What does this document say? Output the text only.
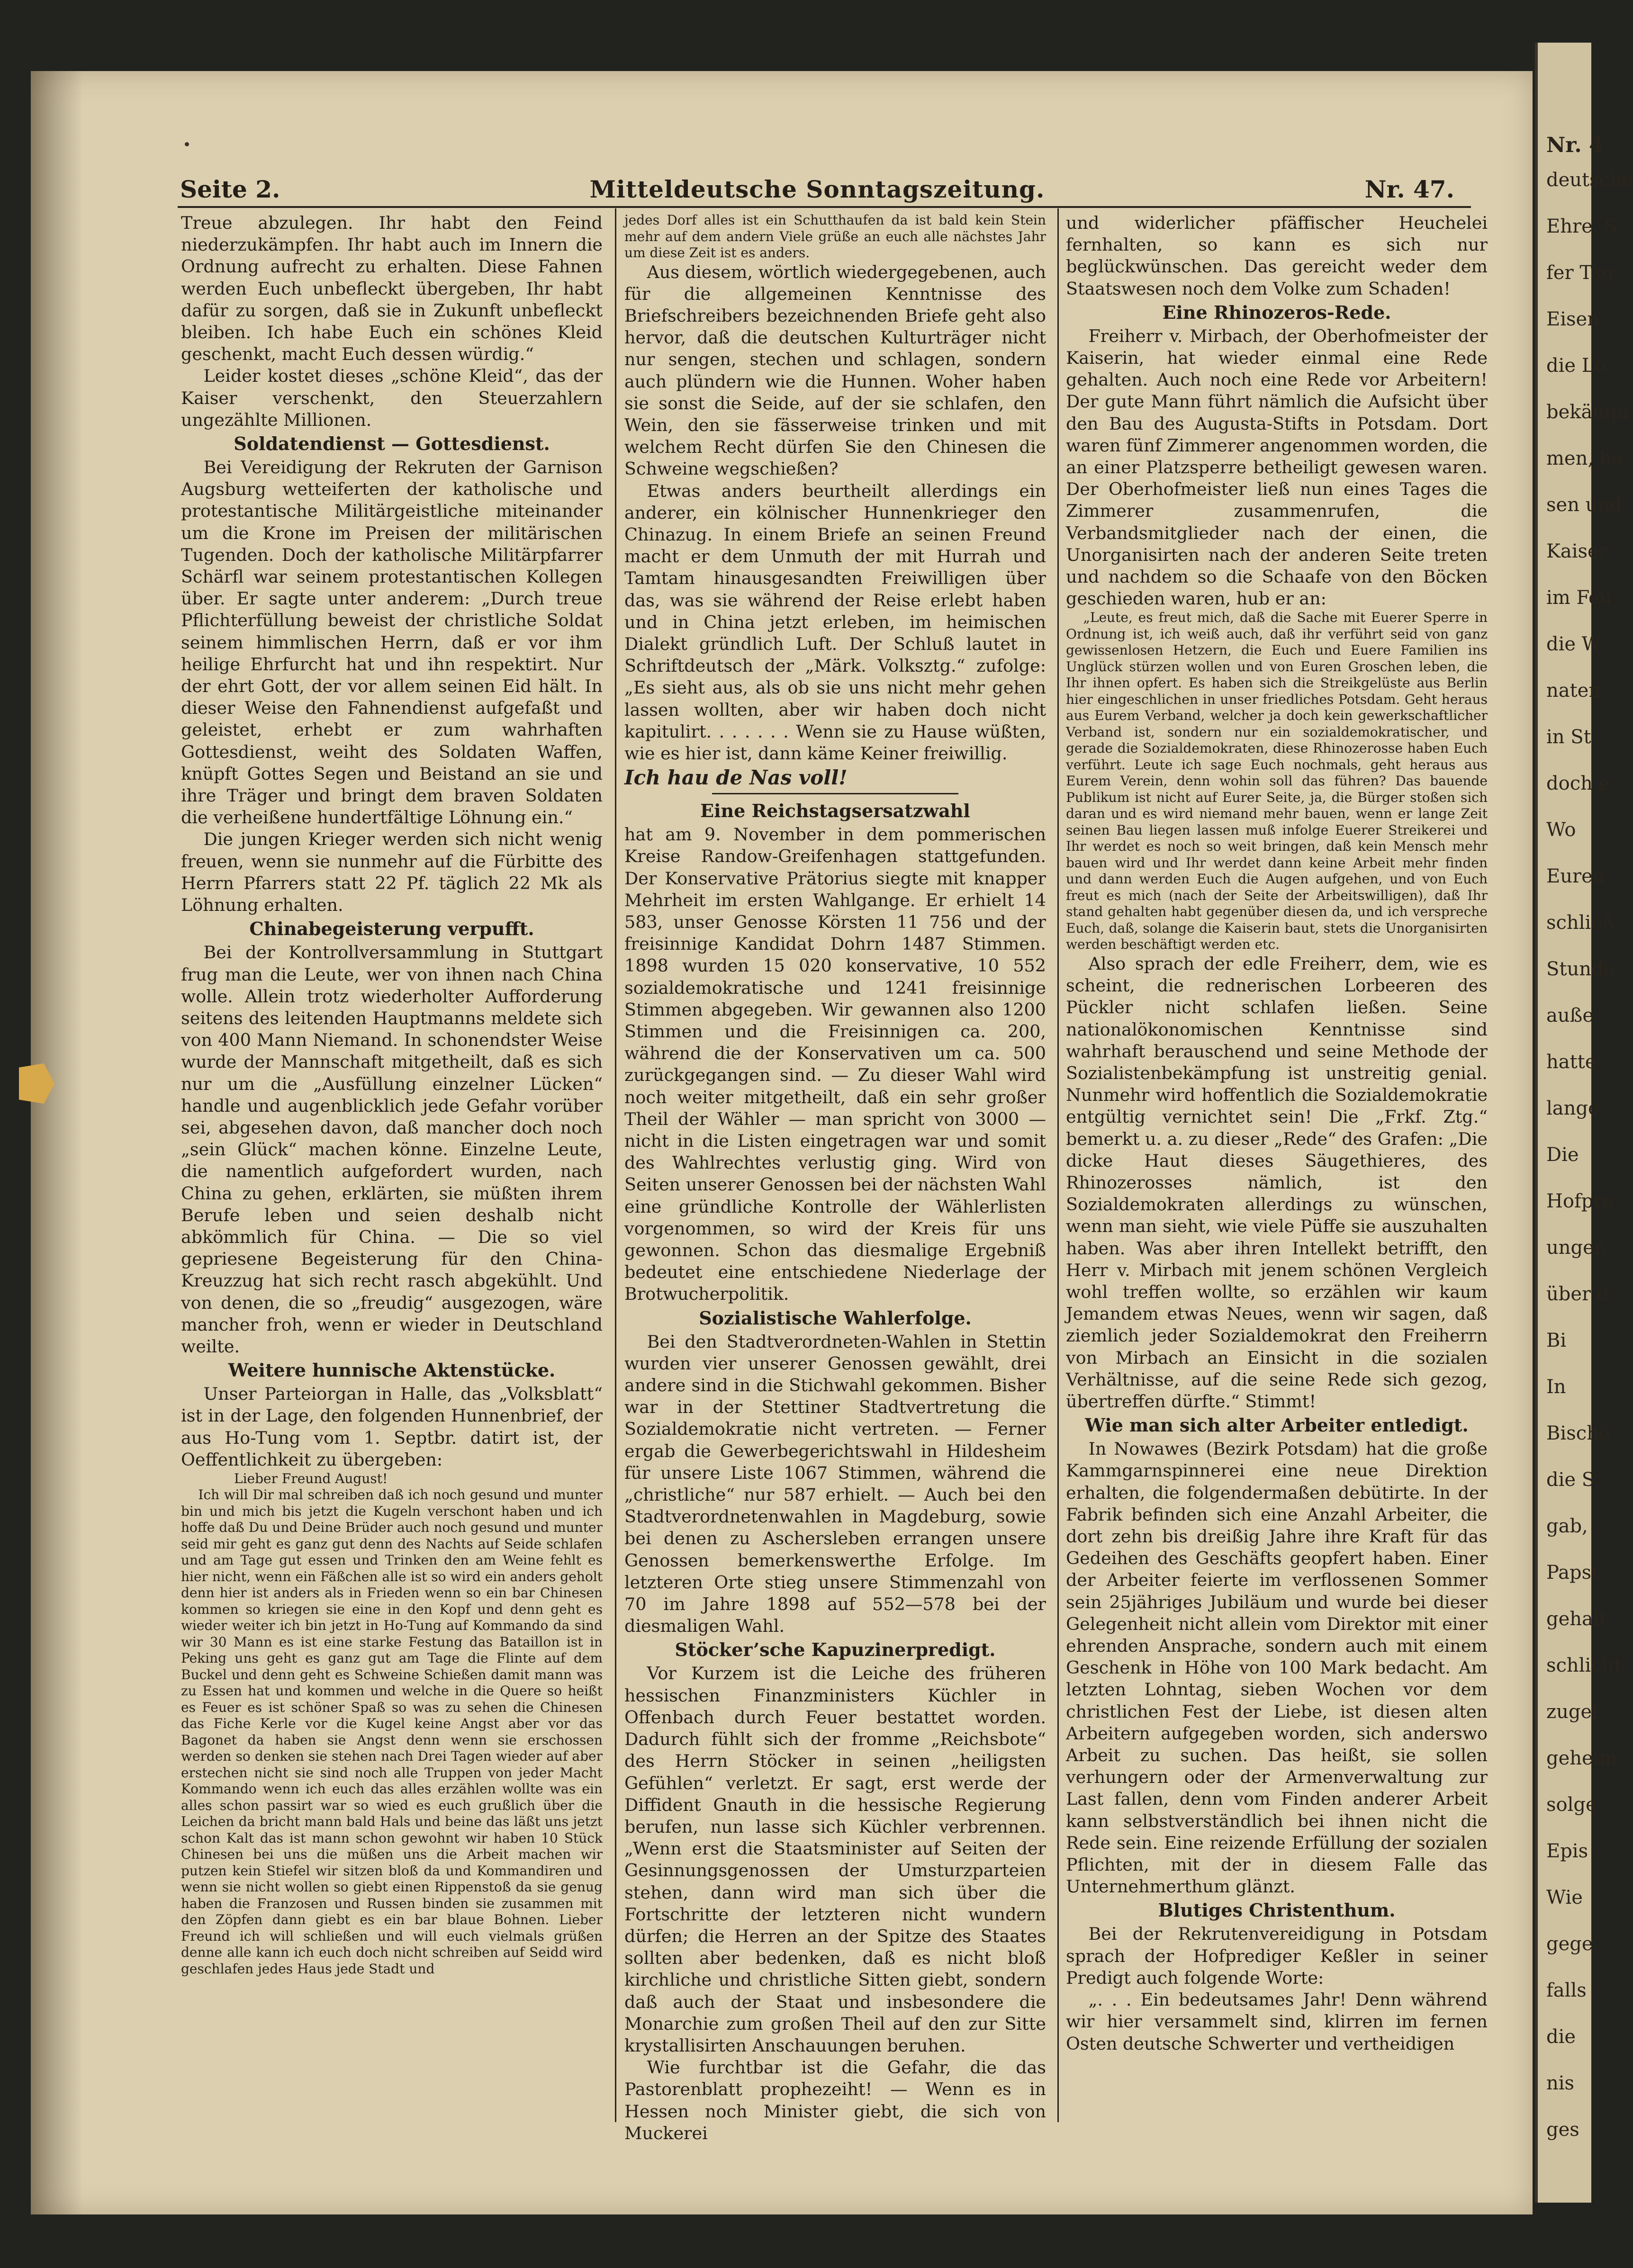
Nr. 4
deutsche
Ehre. S
fer Tag
Eisen
die Lo
bekämpf
men, ha
sen und
Kaiser
im Feu
die W
naten
in St
doch e
Wo
Euren
schließ
Stunde
auße
hatte
lange
Die
Hofpre
ungen
über d
Bi
In
Bischö
die S
gab,
Papst
gehalt
schlicht
zugel
geheim
solge
Epis
Wie
gege
falls
die
nis
ges
Seite 2.	Mitteldeutsche Sonntagszeitung.	Nr. 47.

Treue abzulegen. Ihr habt den Feind niederzukämpfen. Ihr habt auch im Innern die Ordnung aufrecht zu erhalten. Diese Fahnen werden Euch unbefleckt übergeben, Ihr habt dafür zu sorgen, daß sie in Zukunft unbefleckt bleiben. Ich habe Euch ein schönes Kleid geschenkt, macht Euch dessen würdig.“

Leider kostet dieses „schöne Kleid“, das der Kaiser verschenkt, den Steuerzahlern ungezählte Millionen.

Soldatendienst — Gottesdienst.

Bei Vereidigung der Rekruten der Garnison Augsburg wetteiferten der katholische und protestantische Militärgeistliche miteinander um die Krone im Preisen der militärischen Tugenden. Doch der katholische Militärpfarrer Schärfl war seinem protestantischen Kollegen über. Er sagte unter anderem: „Durch treue Pflichterfüllung beweist der christliche Soldat seinem himmlischen Herrn, daß er vor ihm heilige Ehrfurcht hat und ihn respektirt. Nur der ehrt Gott, der vor allem seinen Eid hält. In dieser Weise den Fahnendienst aufgefaßt und geleistet, erhebt er zum wahrhaften Gottesdienst, weiht des Soldaten Waffen, knüpft Gottes Segen und Beistand an sie und ihre Träger und bringt dem braven Soldaten die verheißene hundertfältige Löhnung ein.“

Die jungen Krieger werden sich nicht wenig freuen, wenn sie nunmehr auf die Fürbitte des Herrn Pfarrers statt 22 Pf. täglich 22 Mk als Löhnung erhalten.

Chinabegeisterung verpufft.

Bei der Kontrollversammlung in Stuttgart frug man die Leute, wer von ihnen nach China wolle. Allein trotz wiederholter Aufforderung seitens des leitenden Hauptmanns meldete sich von 400 Mann Niemand. In schonendster Weise wurde der Mannschaft mitgetheilt, daß es sich nur um die „Ausfüllung einzelner Lücken“ handle und augenblicklich jede Gefahr vorüber sei, abgesehen davon, daß mancher doch noch „sein Glück“ machen könne. Einzelne Leute, die namentlich aufgefordert wurden, nach China zu gehen, erklärten, sie müßten ihrem Berufe leben und seien deshalb nicht abkömmlich für China. — Die so viel gepriesene Begeisterung für den China-Kreuzzug hat sich recht rasch abgekühlt. Und von denen, die so „freudig“ ausgezogen, wäre mancher froh, wenn er wieder in Deutschland weilte.

Weitere hunnische Aktenstücke.

Unser Parteiorgan in Halle, das „Volksblatt“ ist in der Lage, den folgenden Hunnenbrief, der aus Ho-Tung vom 1. Septbr. datirt ist, der Oeffentlichkeit zu übergeben:

Lieber Freund August!

Ich will Dir mal schreiben daß ich noch gesund und munter bin und mich bis jetzt die Kugeln verschont haben und ich hoffe daß Du und Deine Brüder auch noch gesund und munter seid mir geht es ganz gut denn des Nachts auf Seide schlafen und am Tage gut essen und Trinken den am Weine fehlt es hier nicht, wenn ein Fäßchen alle ist so wird ein anders geholt denn hier ist anders als in Frieden wenn so ein bar Chinesen kommen so kriegen sie eine in den Kopf und denn geht es wieder weiter ich bin jetzt in Ho-Tung auf Kommando da sind wir 30 Mann es ist eine starke Festung das Bataillon ist in Peking uns geht es ganz gut am Tage die Flinte auf dem Buckel und denn geht es Schweine Schießen damit mann was zu Essen hat und kommen und welche in die Quere so heißt es Feuer es ist schöner Spaß so was zu sehen die Chinesen das Fiche Kerle vor die Kugel keine Angst aber vor das Bagonet da haben sie Angst denn wenn sie erschossen werden so denken sie stehen nach Drei Tagen wieder auf aber erstechen nicht sie sind noch alle Truppen von jeder Macht Kommando wenn ich euch das alles erzählen wollte was ein alles schon passirt war so wied es euch grußlich über die Leichen da bricht mann bald Hals und beine das läßt uns jetzt schon Kalt das ist mann schon gewohnt wir haben 10 Stück Chinesen bei uns die müßen uns die Arbeit machen wir putzen kein Stiefel wir sitzen bloß da und Kommandiren und wenn sie nicht wollen so giebt einen Rippenstoß da sie genug haben die Franzosen und Russen binden sie zusammen mit den Zöpfen dann giebt es ein bar blaue Bohnen. Lieber Freund ich will schließen und will euch vielmals grüßen denne alle kann ich euch doch nicht schreiben auf Seidd wird geschlafen jedes Haus jede Stadt und

jedes Dorf alles ist ein Schutthaufen da ist bald kein Stein mehr auf dem andern Viele grüße an euch alle nächstes Jahr um diese Zeit ist es anders.

Aus diesem, wörtlich wiedergegebenen, auch für die allgemeinen Kenntnisse des Briefschreibers bezeichnenden Briefe geht also hervor, daß die deutschen Kulturträger nicht nur sengen, stechen und schlagen, sondern auch plündern wie die Hunnen. Woher haben sie sonst die Seide, auf der sie schlafen, den Wein, den sie fässerweise trinken und mit welchem Recht dürfen Sie den Chinesen die Schweine wegschießen?

Etwas anders beurtheilt allerdings ein anderer, ein kölnischer Hunnenkrieger den Chinazug. In einem Briefe an seinen Freund macht er dem Unmuth der mit Hurrah und Tamtam hinausgesandten Freiwilligen über das, was sie während der Reise erlebt haben und in China jetzt erleben, im heimischen Dialekt gründlich Luft. Der Schluß lautet in Schriftdeutsch der „Märk. Volksztg.“ zufolge: „Es sieht aus, als ob sie uns nicht mehr gehen lassen wollten, aber wir haben doch nicht kapitulirt. . . . . . . Wenn sie zu Hause wüßten, wie es hier ist, dann käme Keiner freiwillig.

Ich hau de Nas voll!

Eine Reichstagsersatzwahl

hat am 9. November in dem pommerischen Kreise Randow-Greifenhagen stattgefunden. Der Konservative Prätorius siegte mit knapper Mehrheit im ersten Wahlgange. Er erhielt 14 583, unser Genosse Körsten 11 756 und der freisinnige Kandidat Dohrn 1487 Stimmen. 1898 wurden 15 020 konservative, 10 552 sozialdemokratische und 1241 freisinnige Stimmen abgegeben. Wir gewannen also 1200 Stimmen und die Freisinnigen ca. 200, während die der Konservativen um ca. 500 zurückgegangen sind. — Zu dieser Wahl wird noch weiter mitgetheilt, daß ein sehr großer Theil der Wähler — man spricht von 3000 — nicht in die Listen eingetragen war und somit des Wahlrechtes verlustig ging. Wird von Seiten unserer Genossen bei der nächsten Wahl eine gründliche Kontrolle der Wählerlisten vorgenommen, so wird der Kreis für uns gewonnen. Schon das diesmalige Ergebniß bedeutet eine entschiedene Niederlage der Brotwucherpolitik.

Sozialistische Wahlerfolge.

Bei den Stadtverordneten-Wahlen in Stettin wurden vier unserer Genossen gewählt, drei andere sind in die Stichwahl gekommen. Bisher war in der Stettiner Stadtvertretung die Sozialdemokratie nicht vertreten. — Ferner ergab die Gewerbegerichtswahl in Hildesheim für unsere Liste 1067 Stimmen, während die „christliche“ nur 587 erhielt. — Auch bei den Stadtverordnetenwahlen in Magdeburg, sowie bei denen zu Aschersleben errangen unsere Genossen bemerkenswerthe Erfolge. Im letzteren Orte stieg unsere Stimmenzahl von 70 im Jahre 1898 auf 552—578 bei der diesmaligen Wahl.

Stöcker’sche Kapuzinerpredigt.

Vor Kurzem ist die Leiche des früheren hessischen Finanzministers Küchler in Offenbach durch Feuer bestattet worden. Dadurch fühlt sich der fromme „Reichsbote“ des Herrn Stöcker in seinen „heiligsten Gefühlen“ verletzt. Er sagt, erst werde der Diffident Gnauth in die hessische Regierung berufen, nun lasse sich Küchler verbrennen. „Wenn erst die Staatsminister auf Seiten der Gesinnungsgenossen der Umsturzparteien stehen, dann wird man sich über die Fortschritte der letzteren nicht wundern dürfen; die Herren an der Spitze des Staates sollten aber bedenken, daß es nicht bloß kirchliche und christliche Sitten giebt, sondern daß auch der Staat und insbesondere die Monarchie zum großen Theil auf den zur Sitte krystallisirten Anschauungen beruhen.

Wie furchtbar ist die Gefahr, die das Pastorenblatt prophezeiht! — Wenn es in Hessen noch Minister giebt, die sich von Muckerei

und widerlicher pfäffischer Heuchelei fernhalten, so kann es sich nur beglückwünschen. Das gereicht weder dem Staatswesen noch dem Volke zum Schaden!

Eine Rhinozeros-Rede.

Freiherr v. Mirbach, der Oberhofmeister der Kaiserin, hat wieder einmal eine Rede gehalten. Auch noch eine Rede vor Arbeitern! Der gute Mann führt nämlich die Aufsicht über den Bau des Augusta-Stifts in Potsdam. Dort waren fünf Zimmerer angenommen worden, die an einer Platzsperre betheiligt gewesen waren. Der Oberhofmeister ließ nun eines Tages die Zimmerer zusammenrufen, die Verbandsmitglieder nach der einen, die Unorganisirten nach der anderen Seite treten und nachdem so die Schaafe von den Böcken geschieden waren, hub er an:

„Leute, es freut mich, daß die Sache mit Euerer Sperre in Ordnung ist, ich weiß auch, daß ihr verführt seid von ganz gewissenlosen Hetzern, die Euch und Euere Familien ins Unglück stürzen wollen und von Euren Groschen leben, die Ihr ihnen opfert. Es haben sich die Streikgelüste aus Berlin hier eingeschlichen in unser friedliches Potsdam. Geht heraus aus Eurem Verband, welcher ja doch kein gewerkschaftlicher Verband ist, sondern nur ein sozialdemokratischer, und gerade die Sozialdemokraten, diese Rhinozerosse haben Euch verführt. Leute ich sage Euch nochmals, geht heraus aus Eurem Verein, denn wohin soll das führen? Das bauende Publikum ist nicht auf Eurer Seite, ja, die Bürger stoßen sich daran und es wird niemand mehr bauen, wenn er lange Zeit seinen Bau liegen lassen muß infolge Euerer Streikerei und Ihr werdet es noch so weit bringen, daß kein Mensch mehr bauen wird und Ihr werdet dann keine Arbeit mehr finden und dann werden Euch die Augen aufgehen, und von Euch freut es mich (nach der Seite der Arbeitswilligen), daß Ihr stand gehalten habt gegenüber diesen da, und ich verspreche Euch, daß, solange die Kaiserin baut, stets die Unorganisirten werden beschäftigt werden etc.

Also sprach der edle Freiherr, dem, wie es scheint, die rednerischen Lorbeeren des Pückler nicht schlafen ließen. Seine nationalökonomischen Kenntnisse sind wahrhaft berauschend und seine Methode der Sozialistenbekämpfung ist unstreitig genial. Nunmehr wird hoffentlich die Sozialdemokratie entgültig vernichtet sein! Die „Frkf. Ztg.“ bemerkt u. a. zu dieser „Rede“ des Grafen: „Die dicke Haut dieses Säugethieres, des Rhinozerosses nämlich, ist den Sozialdemokraten allerdings zu wünschen, wenn man sieht, wie viele Püffe sie auszuhalten haben. Was aber ihren Intellekt betrifft, den Herr v. Mirbach mit jenem schönen Vergleich wohl treffen wollte, so erzählen wir kaum Jemandem etwas Neues, wenn wir sagen, daß ziemlich jeder Sozialdemokrat den Freiherrn von Mirbach an Einsicht in die sozialen Verhältnisse, auf die seine Rede sich gezog, übertreffen dürfte.“ Stimmt!

Wie man sich alter Arbeiter entledigt.

In Nowawes (Bezirk Potsdam) hat die große Kammgarnspinnerei eine neue Direktion erhalten, die folgendermaßen debütirte. In der Fabrik befinden sich eine Anzahl Arbeiter, die dort zehn bis dreißig Jahre ihre Kraft für das Gedeihen des Geschäfts geopfert haben. Einer der Arbeiter feierte im verflossenen Sommer sein 25jähriges Jubiläum und wurde bei dieser Gelegenheit nicht allein vom Direktor mit einer ehrenden Ansprache, sondern auch mit einem Geschenk in Höhe von 100 Mark bedacht. Am letzten Lohntag, sieben Wochen vor dem christlichen Fest der Liebe, ist diesen alten Arbeitern aufgegeben worden, sich anderswo Arbeit zu suchen. Das heißt, sie sollen verhungern oder der Armenverwaltung zur Last fallen, denn vom Finden anderer Arbeit kann selbstverständlich bei ihnen nicht die Rede sein. Eine reizende Erfüllung der sozialen Pflichten, mit der in diesem Falle das Unternehmerthum glänzt.

Blutiges Christenthum.

Bei der Rekrutenvereidigung in Potsdam sprach der Hofprediger Keßler in seiner Predigt auch folgende Worte:

„. . . Ein bedeutsames Jahr! Denn während wir hier versammelt sind, klirren im fernen Osten deutsche Schwerter und vertheidigen
